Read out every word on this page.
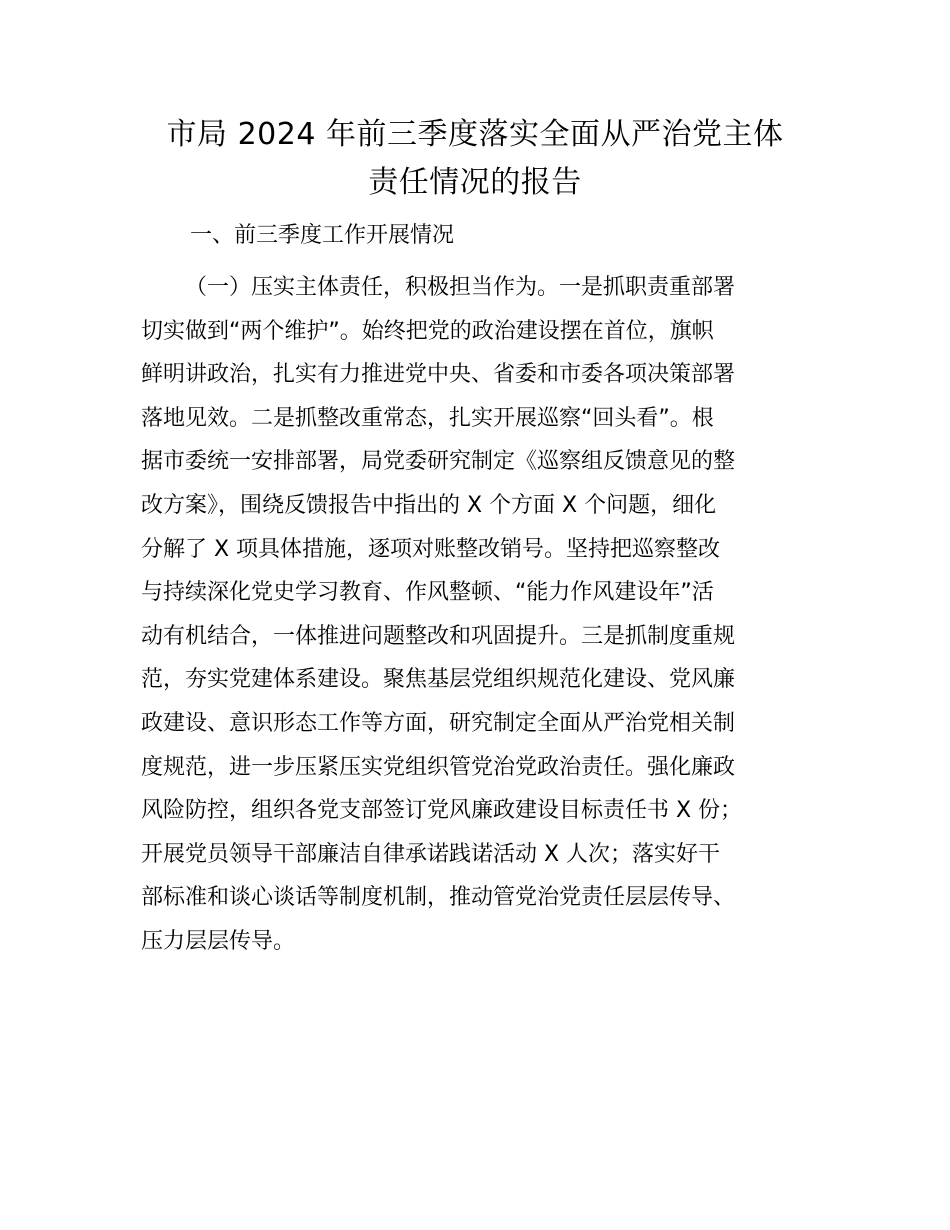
市局 2024 年前三季度落实全面从严治党主体
责任情况的报告
一、前三季度工作开展情况

（一）压实主体责任，积极担当作为。一是抓职责重部署
切实做到“两个维护”。始终把党的政治建设摆在首位，旗帜
鲜明讲政治，扎实有力推进党中央、省委和市委各项决策部署
落地见效。二是抓整改重常态，扎实开展巡察“回头看”。根
据市委统一安排部署，局党委研究制定《巡察组反馈意见的整
改方案》，围绕反馈报告中指出的 X 个方面 X 个问题，细化
分解了 X 项具体措施，逐项对账整改销号。坚持把巡察整改
与持续深化党史学习教育、作风整顿、“能力作风建设年”活
动有机结合，一体推进问题整改和巩固提升。三是抓制度重规
范，夯实党建体系建设。聚焦基层党组织规范化建设、党风廉
政建设、意识形态工作等方面，研究制定全面从严治党相关制
度规范，进一步压紧压实党组织管党治党政治责任。强化廉政
风险防控，组织各党支部签订党风廉政建设目标责任书 X 份；
开展党员领导干部廉洁自律承诺践诺活动 X 人次；落实好干
部标准和谈心谈话等制度机制，推动管党治党责任层层传导、
压力层层传导。
